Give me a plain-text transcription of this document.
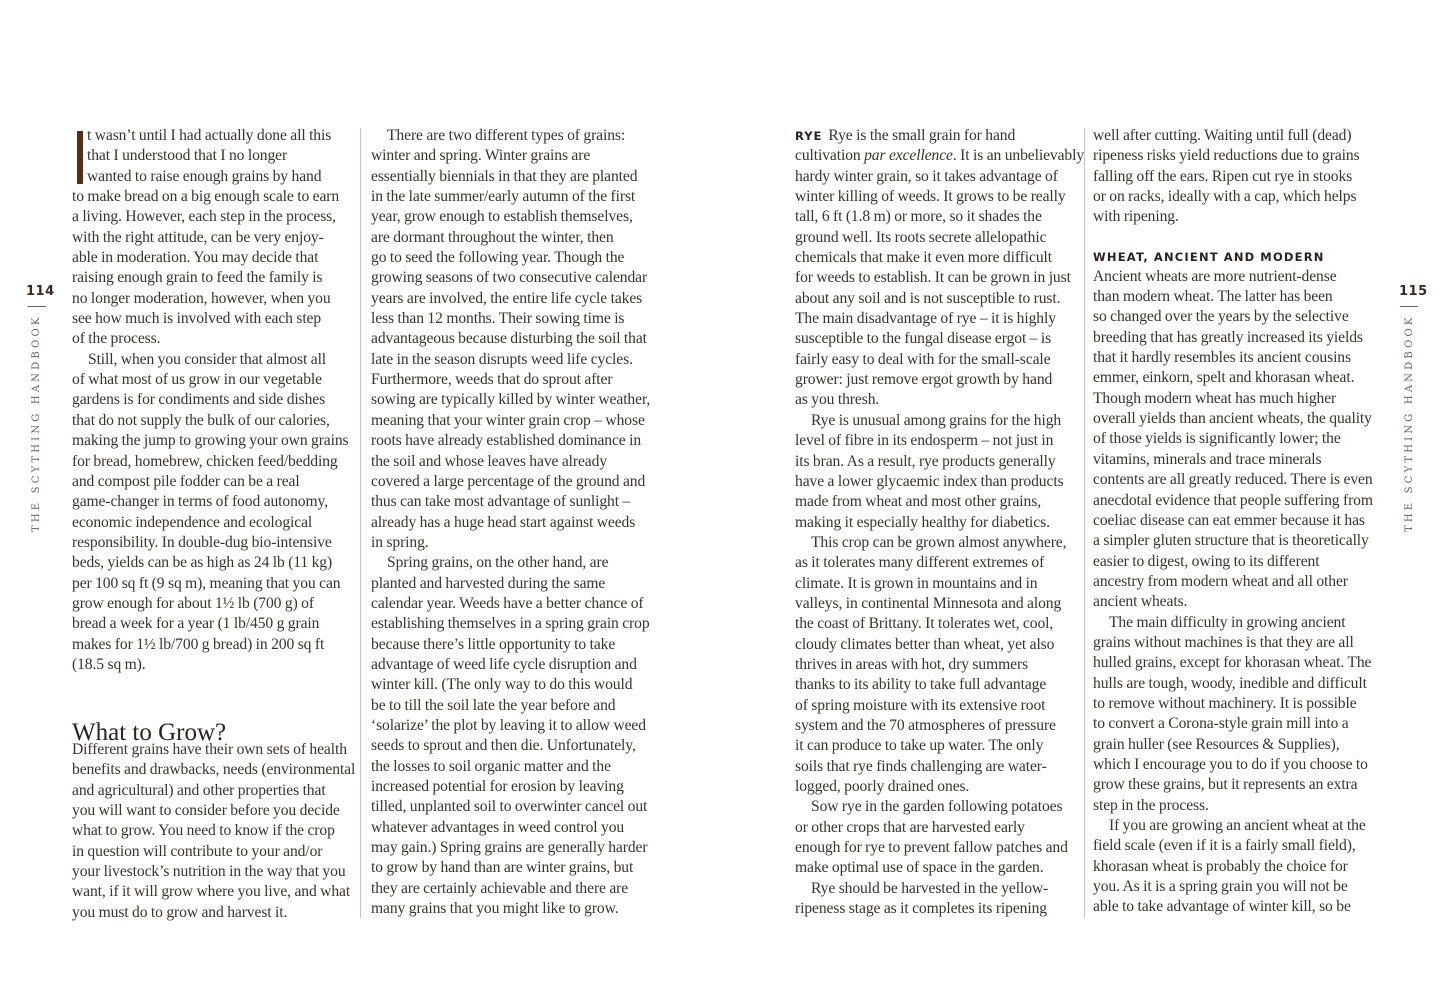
114
THE SCYTHING HANDBOOK

t wasn’t until I had actually done all this
that I understood that I no longer
wanted to raise enough grains by hand
to make bread on a big enough scale to earn
a living. However, each step in the process,
with the right attitude, can be very enjoy-
able in moderation. You may decide that
raising enough grain to feed the family is
no longer moderation, however, when you
see how much is involved with each step
of the process.

Still, when you consider that almost all
of what most of us grow in our vegetable
gardens is for condiments and side dishes
that do not supply the bulk of our calories,
making the jump to growing your own grains
for bread, homebrew, chicken feed/bedding
and compost pile fodder can be a real
game-changer in terms of food autonomy,
economic independence and ecological
responsibility. In double-dug bio-intensive
beds, yields can be as high as 24 lb (11 kg)
per 100 sq ft (9 sq m), meaning that you can
grow enough for about 1½ lb (700 g) of
bread a week for a year (1 lb/450 g grain
makes for 1½ lb/700 g bread) in 200 sq ft
(18.5 sq m).

What to Grow?

Different grains have their own sets of health
benefits and drawbacks, needs (environmental
and agricultural) and other properties that
you will want to consider before you decide
what to grow. You need to know if the crop
in question will contribute to your and/or
your livestock’s nutrition in the way that you
want, if it will grow where you live, and what
you must do to grow and harvest it.

There are two different types of grains:
winter and spring. Winter grains are
essentially biennials in that they are planted
in the late summer/early autumn of the first
year, grow enough to establish themselves,
are dormant throughout the winter, then
go to seed the following year. Though the
growing seasons of two consecutive calendar
years are involved, the entire life cycle takes
less than 12 months. Their sowing time is
advantageous because disturbing the soil that
late in the season disrupts weed life cycles.
Furthermore, weeds that do sprout after
sowing are typically killed by winter weather,
meaning that your winter grain crop – whose
roots have already established dominance in
the soil and whose leaves have already
covered a large percentage of the ground and
thus can take most advantage of sunlight –
already has a huge head start against weeds
in spring.

Spring grains, on the other hand, are
planted and harvested during the same
calendar year. Weeds have a better chance of
establishing themselves in a spring grain crop
because there’s little opportunity to take
advantage of weed life cycle disruption and
winter kill. (The only way to do this would
be to till the soil late the year before and
‘solarize’ the plot by leaving it to allow weed
seeds to sprout and then die. Unfortunately,
the losses to soil organic matter and the
increased potential for erosion by leaving
tilled, unplanted soil to overwinter cancel out
whatever advantages in weed control you
may gain.) Spring grains are generally harder
to grow by hand than are winter grains, but
they are certainly achievable and there are
many grains that you might like to grow.

RYE Rye is the small grain for hand
cultivation par excellence. It is an unbelievably
hardy winter grain, so it takes advantage of
winter killing of weeds. It grows to be really
tall, 6 ft (1.8 m) or more, so it shades the
ground well. Its roots secrete allelopathic
chemicals that make it even more difficult
for weeds to establish. It can be grown in just
about any soil and is not susceptible to rust.
The main disadvantage of rye – it is highly
susceptible to the fungal disease ergot – is
fairly easy to deal with for the small-scale
grower: just remove ergot growth by hand
as you thresh.

Rye is unusual among grains for the high
level of fibre in its endosperm – not just in
its bran. As a result, rye products generally
have a lower glycaemic index than products
made from wheat and most other grains,
making it especially healthy for diabetics.

This crop can be grown almost anywhere,
as it tolerates many different extremes of
climate. It is grown in mountains and in
valleys, in continental Minnesota and along
the coast of Brittany. It tolerates wet, cool,
cloudy climates better than wheat, yet also
thrives in areas with hot, dry summers
thanks to its ability to take full advantage
of spring moisture with its extensive root
system and the 70 atmospheres of pressure
it can produce to take up water. The only
soils that rye finds challenging are water-
logged, poorly drained ones.

Sow rye in the garden following potatoes
or other crops that are harvested early
enough for rye to prevent fallow patches and
make optimal use of space in the garden.

Rye should be harvested in the yellow-
ripeness stage as it completes its ripening

well after cutting. Waiting until full (dead)
ripeness risks yield reductions due to grains
falling off the ears. Ripen cut rye in stooks
or on racks, ideally with a cap, which helps
with ripening.

WHEAT, ANCIENT AND MODERN

Ancient wheats are more nutrient-dense
than modern wheat. The latter has been
so changed over the years by the selective
breeding that has greatly increased its yields
that it hardly resembles its ancient cousins
emmer, einkorn, spelt and khorasan wheat.
Though modern wheat has much higher
overall yields than ancient wheats, the quality
of those yields is significantly lower; the
vitamins, minerals and trace minerals
contents are all greatly reduced. There is even
anecdotal evidence that people suffering from
coeliac disease can eat emmer because it has
a simpler gluten structure that is theoretically
easier to digest, owing to its different
ancestry from modern wheat and all other
ancient wheats.

The main difficulty in growing ancient
grains without machines is that they are all
hulled grains, except for khorasan wheat. The
hulls are tough, woody, inedible and difficult
to remove without machinery. It is possible
to convert a Corona-style grain mill into a
grain huller (see Resources & Supplies),
which I encourage you to do if you choose to
grow these grains, but it represents an extra
step in the process.

If you are growing an ancient wheat at the
field scale (even if it is a fairly small field),
khorasan wheat is probably the choice for
you. As it is a spring grain you will not be
able to take advantage of winter kill, so be

115
THE SCYTHING HANDBOOK
